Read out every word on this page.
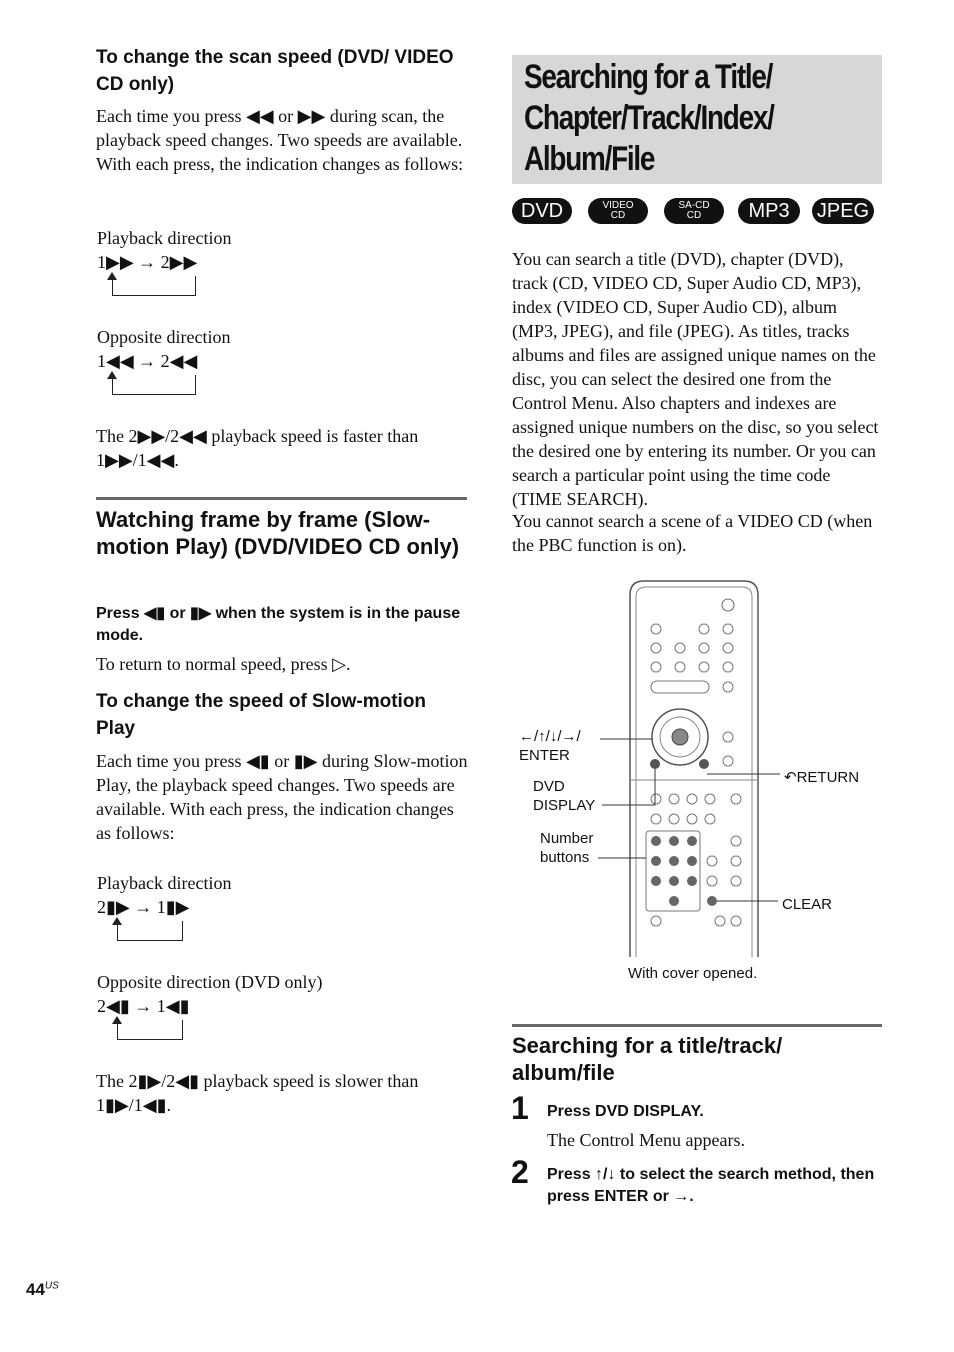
To change the scan speed (DVD/ VIDEO CD only)
Each time you press ◀◀ or ▶▶ during scan, the playback speed changes. Two speeds are available. With each press, the indication changes as follows:
Playback direction
1▶▶ → 2▶▶
Opposite direction
1◀◀ → 2◀◀
The 2▶▶/2◀◀ playback speed is faster than 1▶▶/1◀◀.
Watching frame by frame (Slow-motion Play) (DVD/VIDEO CD only)
Press ◀▮ or ▮▶ when the system is in the pause mode.
To return to normal speed, press ▷.
To change the speed of Slow-motion Play
Each time you press ◀▮ or ▮▶ during Slow-motion Play, the playback speed changes. Two speeds are available. With each press, the indication changes as follows:
Playback direction
2▮▶ → 1▮▶
Opposite direction (DVD only)
2◀▮ → 1◀▮
The 2▮▶/2◀▮ playback speed is slower than 1▮▶/1◀▮.
Searching for a Title/ Chapter/Track/Index/ Album/File
DVD	VIDEO CD
SA-CD CD	MP3	JPEG
You can search a title (DVD), chapter (DVD), track (CD, VIDEO CD, Super Audio CD, MP3), index (VIDEO CD, Super Audio CD), album (MP3, JPEG), and file (JPEG). As titles, tracks albums and files are assigned unique names on the disc, you can select the desired one from the Control Menu. Also chapters and indexes are assigned unique numbers on the disc, so you select the desired one by entering its number. Or you can search a particular point using the time code (TIME SEARCH).
You cannot search a scene of a VIDEO CD (when the PBC function is on).
←/↑/↓/→/
ENTER
DVD
DISPLAY
Number
buttons
↶RETURN
CLEAR
With cover opened.
Searching for a title/track/ album/file
1 Press DVD DISPLAY.
The Control Menu appears.
2 Press ↑/↓ to select the search method, then press ENTER or →.
$44^{US}$
